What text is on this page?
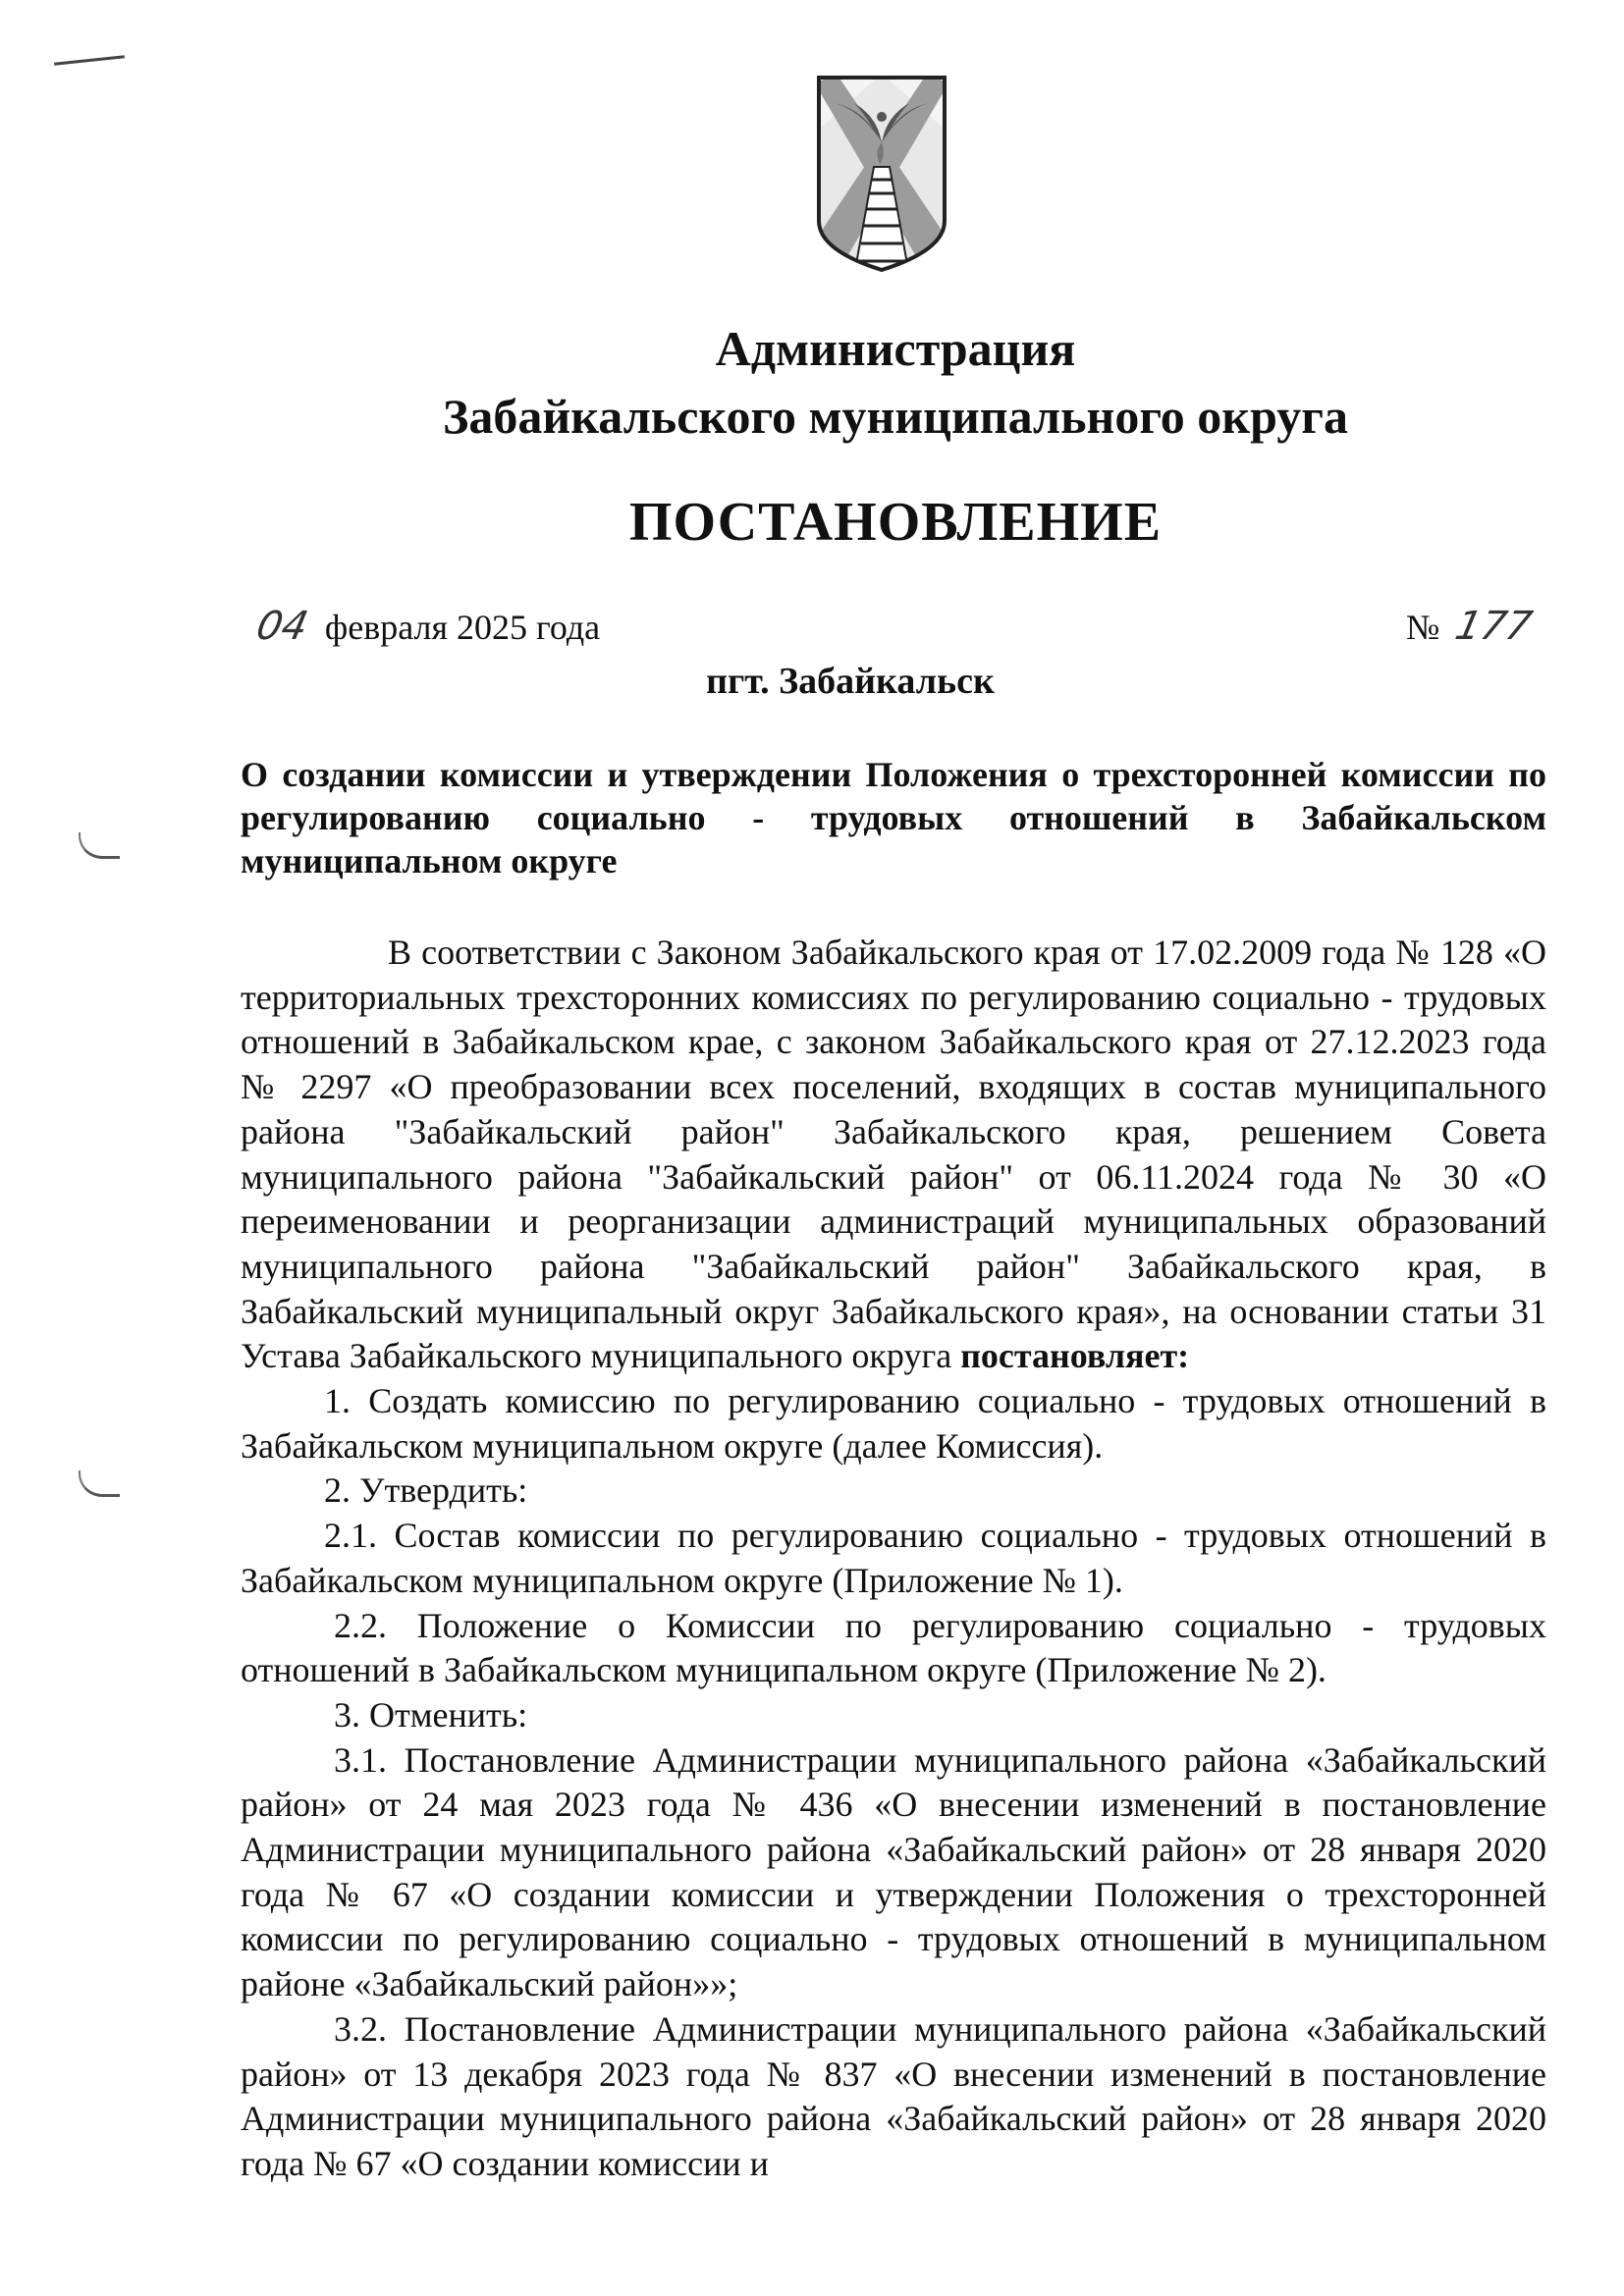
Администрация
Забайкальского муниципального округа
ПОСТАНОВЛЕНИЕ
04 февраля 2025 года	№ 177
пгт. Забайкальск
О создании комиссии и утверждении Положения о трехсторонней комиссии по регулированию социально - трудовых отношений в Забайкальском муниципальном округе

В соответствии с Законом Забайкальского края от 17.02.2009 года № 128 «О территориальных трехсторонних комиссиях по регулированию социально - трудовых отношений в Забайкальском крае, с законом Забайкальского края от 27.12.2023 года № 2297 «О преобразовании всех поселений, входящих в состав муниципального района "Забайкальский район" Забайкальского края, решением Совета муниципального района "Забайкальский район" от 06.11.2024 года № 30 «О переименовании и реорганизации администраций муниципальных образований муниципального района "Забайкальский район" Забайкальского края, в Забайкальский муниципальный округ Забайкальского края», на основании статьи 31 Устава Забайкальского муниципального округа постановляет:

1. Создать комиссию по регулированию социально - трудовых отношений в Забайкальском муниципальном округе (далее Комиссия).

2. Утвердить:

2.1. Состав комиссии по регулированию социально - трудовых отношений в Забайкальском муниципальном округе (Приложение № 1).

2.2. Положение о Комиссии по регулированию социально - трудовых отношений в Забайкальском муниципальном округе (Приложение № 2).

3. Отменить:

3.1. Постановление Администрации муниципального района «Забайкальский район» от 24 мая 2023 года № 436 «О внесении изменений в постановление Администрации муниципального района «Забайкальский район» от 28 января 2020 года № 67 «О создании комиссии и утверждении Положения о трехсторонней комиссии по регулированию социально - трудовых отношений в муниципальном районе «Забайкальский район»»;

3.2. Постановление Администрации муниципального района «Забайкальский район» от 13 декабря 2023 года № 837 «О внесении изменений в постановление Администрации муниципального района «Забайкальский район» от 28 января 2020 года № 67 «О создании комиссии и
